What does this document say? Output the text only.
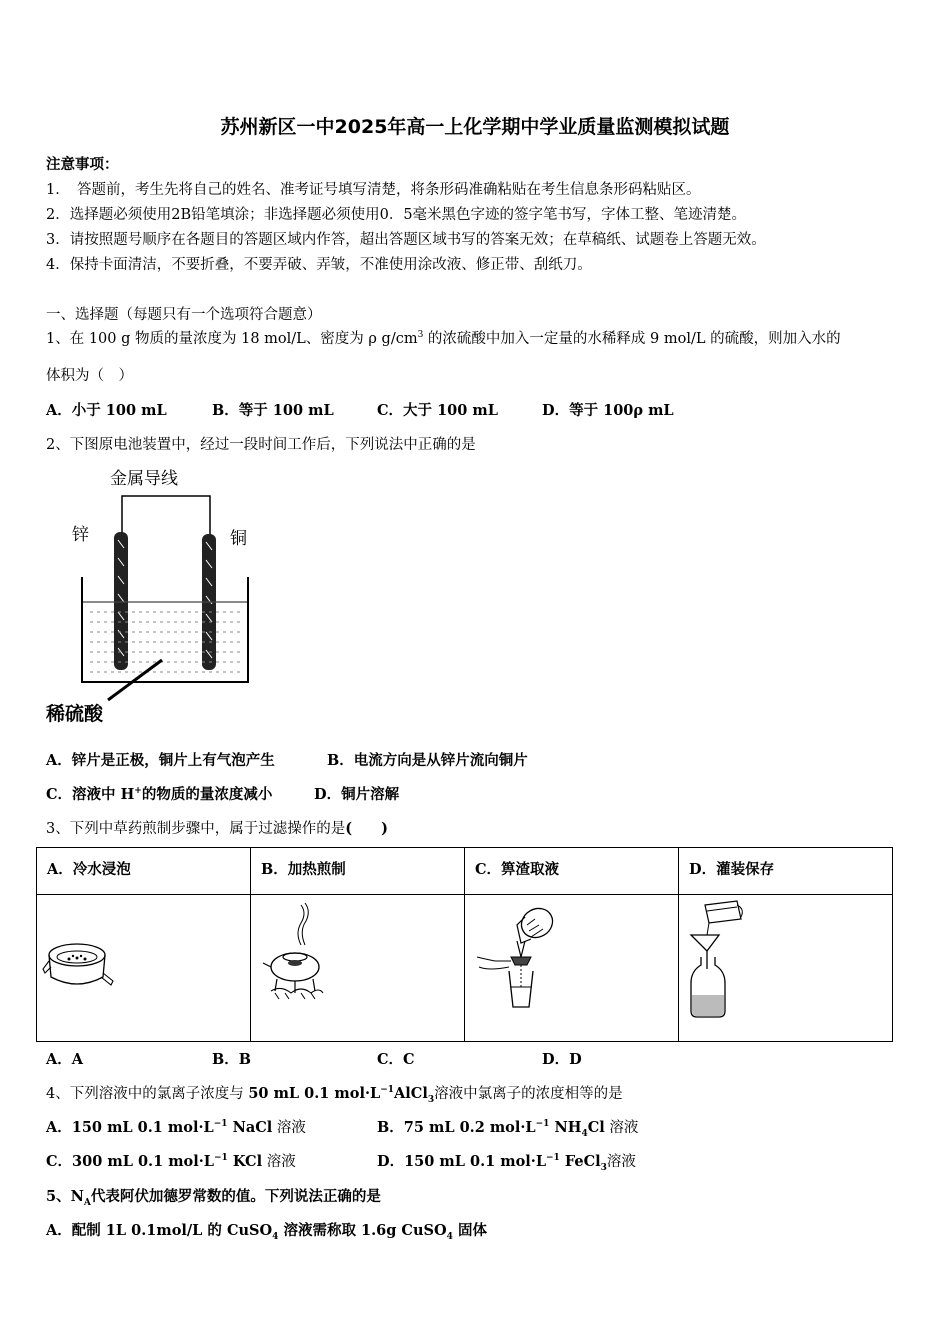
苏州新区一中2025年高一上化学期中学业质量监测模拟试题
注意事项：
1．　答题前，考生先将自己的姓名、准考证号填写清楚，将条形码准确粘贴在考生信息条形码粘贴区。
2．选择题必须使用2B铅笔填涂；非选择题必须使用0．5毫米黑色字迹的签字笔书写，字体工整、笔迹清楚。
3．请按照题号顺序在各题目的答题区域内作答，超出答题区域书写的答案无效；在草稿纸、试题卷上答题无效。
4．保持卡面清洁，不要折叠，不要弄破、弄皱，不准使用涂改液、修正带、刮纸刀。
一、选择题（每题只有一个选项符合题意）
1、在 100 g 物质的量浓度为 18 mol/L、密度为 ρ $g/cm^3$ 的浓硫酸中加入一定量的水稀释成 9 mol/L 的硫酸，则加入水的
体积为（　）
A．小于 100 mL	B．等于 100 mL	C．大于 100 mL	D．等于 100ρ mL
2、下图原电池装置中，经过一段时间工作后，下列说法中正确的是
金属导线
锌	铜
稀硫酸
A．锌片是正极，铜片上有气泡产生	B．电流方向是从锌片流向铜片
C．溶液中 H+的物质的量浓度减小	D．铜片溶解
3、下列中草药煎制步骤中，属于过滤操作的是(　　)
A．冷水浸泡	B．加热煎制	C．箅渣取液	D．灌装保存

A．A	B．B	C．C	D．D
4、下列溶液中的氯离子浓度与 50 mL 0.1 $mol\cdot L^{-1}AlCl_3$溶液中氯离子的浓度相等的是
A．150 mL 0.1 $mol\cdot L^{-1}$ NaCl 溶液	B．75 mL 0.2 $mol\cdot L^{-1}$ $NH_4Cl$ 溶液
C．300 mL 0.1 $mol\cdot L^{-1}$ KCl 溶液	D．150 mL 0.1 $mol\cdot L^{-1}$ FeCl$_3$溶液
5、$N_A$代表阿伏加德罗常数的值。下列说法正确的是
A．配制 1L 0.1mol/L 的 CuSO$_4$ 溶液需称取 1.6g CuSO$_4$ 固体
